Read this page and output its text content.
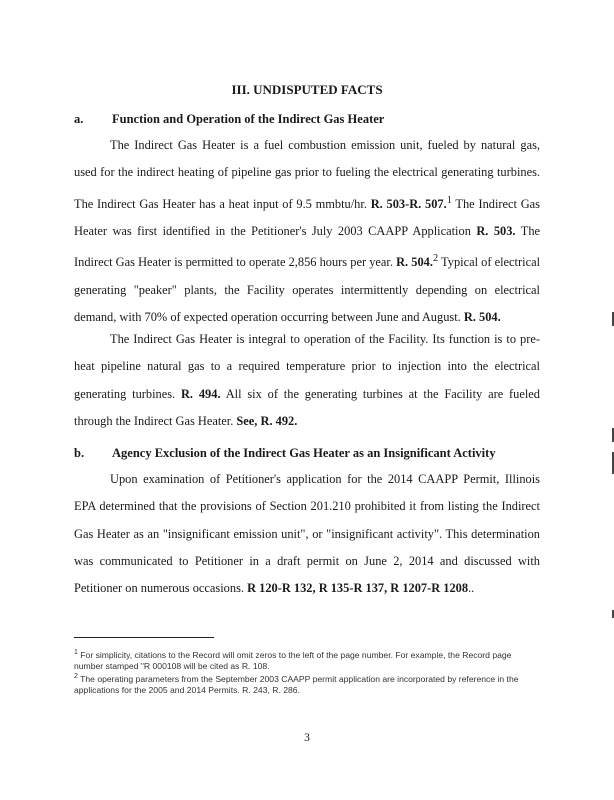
III. UNDISPUTED FACTS
a. Function and Operation of the Indirect Gas Heater

The Indirect Gas Heater is a fuel combustion emission unit, fueled by natural gas, used for the indirect heating of pipeline gas prior to fueling the electrical generating turbines. The Indirect Gas Heater has a heat input of 9.5 mmbtu/hr. R. 503-R. 507.$^1$ The Indirect Gas Heater was first identified in the Petitioner's July 2003 CAAPP Application R. 503. The Indirect Gas Heater is permitted to operate 2,856 hours per year. R. 504.$^2$ Typical of electrical generating "peaker" plants, the Facility operates intermittently depending on electrical demand, with 70% of expected operation occurring between June and August. R. 504.

The Indirect Gas Heater is integral to operation of the Facility. Its function is to pre-heat pipeline natural gas to a required temperature prior to injection into the electrical generating turbines. R. 494. All six of the generating turbines at the Facility are fueled through the Indirect Gas Heater. See, R. 492.

b. Agency Exclusion of the Indirect Gas Heater as an Insignificant Activity

Upon examination of Petitioner's application for the 2014 CAAPP Permit, Illinois EPA determined that the provisions of Section 201.210 prohibited it from listing the Indirect Gas Heater as an "insignificant emission unit", or "insignificant activity". This determination was communicated to Petitioner in a draft permit on June 2, 2014 and discussed with Petitioner on numerous occasions. R 120-R 132, R 135-R 137, R 1207-R 1208..

$^1$ For simplicity, citations to the Record will omit zeros to the left of the page number. For example, the Record page number stamped "R 000108 will be cited as R. 108.

$^2$ The operating parameters from the September 2003 CAAPP permit application are incorporated by reference in the applications for the 2005 and 2014 Permits. R. 243, R. 286.

3
